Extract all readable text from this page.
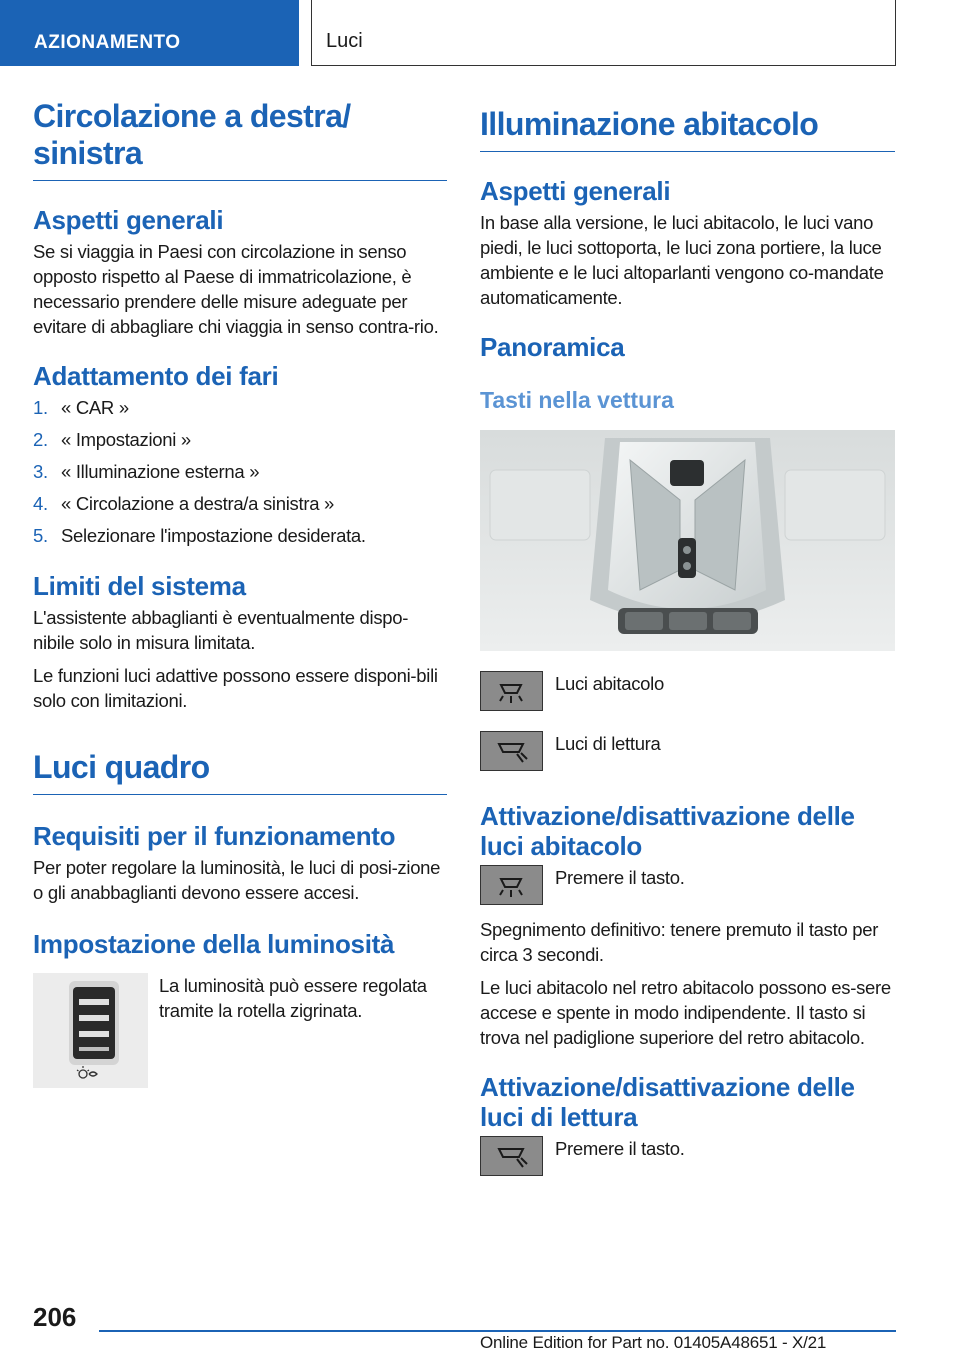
AZIONAMENTO	Luci
Circolazione a destra/ sinistra
Aspetti generali

Se si viaggia in Paesi con circolazione in senso opposto rispetto al Paese di immatricolazione, è necessario prendere delle misure adeguate per evitare di abbagliare chi viaggia in senso contra-rio.

Adattamento dei fari
1. « CAR »
2. « Impostazioni »
3. « Illuminazione esterna »
4. « Circolazione a destra/a sinistra »
5. Selezionare l'impostazione desiderata.
Limiti del sistema

L'assistente abbaglianti è eventualmente dispo-nibile solo in misura limitata.

Le funzioni luci adattive possono essere disponi-bili solo con limitazioni.

Luci quadro
Requisiti per il funzionamento

Per poter regolare la luminosità, le luci di posi-zione o gli anabbaglianti devono essere accesi.

Impostazione della luminosità

La luminosità può essere regolata tramite la rotella zigrinata.

Illuminazione abitacolo
Aspetti generali

In base alla versione, le luci abitacolo, le luci vano piedi, le luci sottoporta, le luci zona portiere, la luce ambiente e le luci altoparlanti vengono co-mandate automaticamente.

Panoramica
Tasti nella vettura

Luci abitacolo

Luci di lettura

Attivazione/disattivazione delle luci abitacolo

Premere il tasto.

Spegnimento definitivo: tenere premuto il tasto per circa 3 secondi.

Le luci abitacolo nel retro abitacolo possono es-sere accese e spente in modo indipendente. Il tasto si trova nel padiglione superiore del retro abitacolo.

Attivazione/disattivazione delle luci di lettura

Premere il tasto.

206
Online Edition for Part no. 01405A48651 - X/21
